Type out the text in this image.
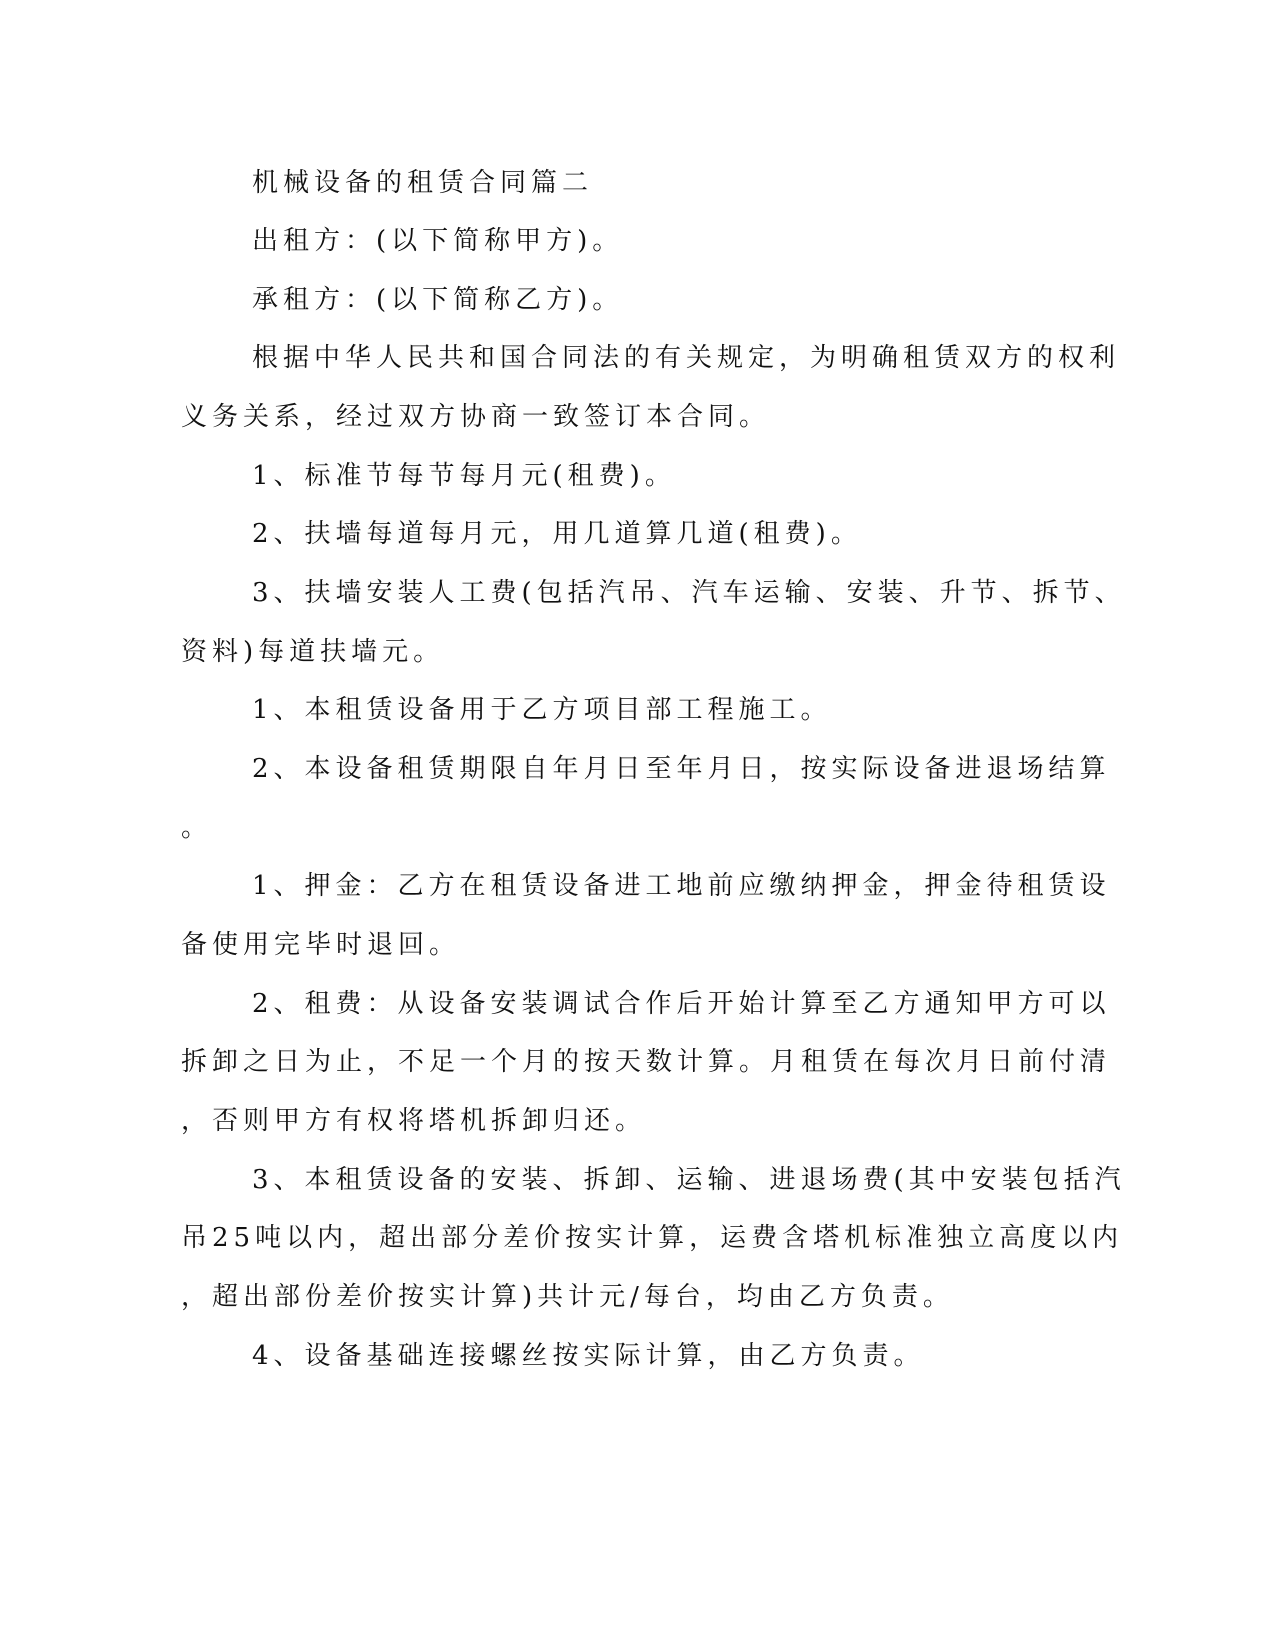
机械设备的租赁合同篇二
出租方：(以下简称甲方)。
承租方：(以下简称乙方)。
根据中华人民共和国合同法的有关规定，为明确租赁双方的权利
义务关系，经过双方协商一致签订本合同。
1、标准节每节每月元(租费)。
2、扶墙每道每月元，用几道算几道(租费)。
3、扶墙安装人工费(包括汽吊、汽车运输、安装、升节、拆节、
资料)每道扶墙元。
1、本租赁设备用于乙方项目部工程施工。
2、本设备租赁期限自年月日至年月日，按实际设备进退场结算
。
1、押金：乙方在租赁设备进工地前应缴纳押金，押金待租赁设
备使用完毕时退回。
2、租费：从设备安装调试合作后开始计算至乙方通知甲方可以
拆卸之日为止，不足一个月的按天数计算。月租赁在每次月日前付清
，否则甲方有权将塔机拆卸归还。
3、本租赁设备的安装、拆卸、运输、进退场费(其中安装包括汽
吊25吨以内，超出部分差价按实计算，运费含塔机标准独立高度以内
，超出部份差价按实计算)共计元/每台，均由乙方负责。
4、设备基础连接螺丝按实际计算，由乙方负责。
